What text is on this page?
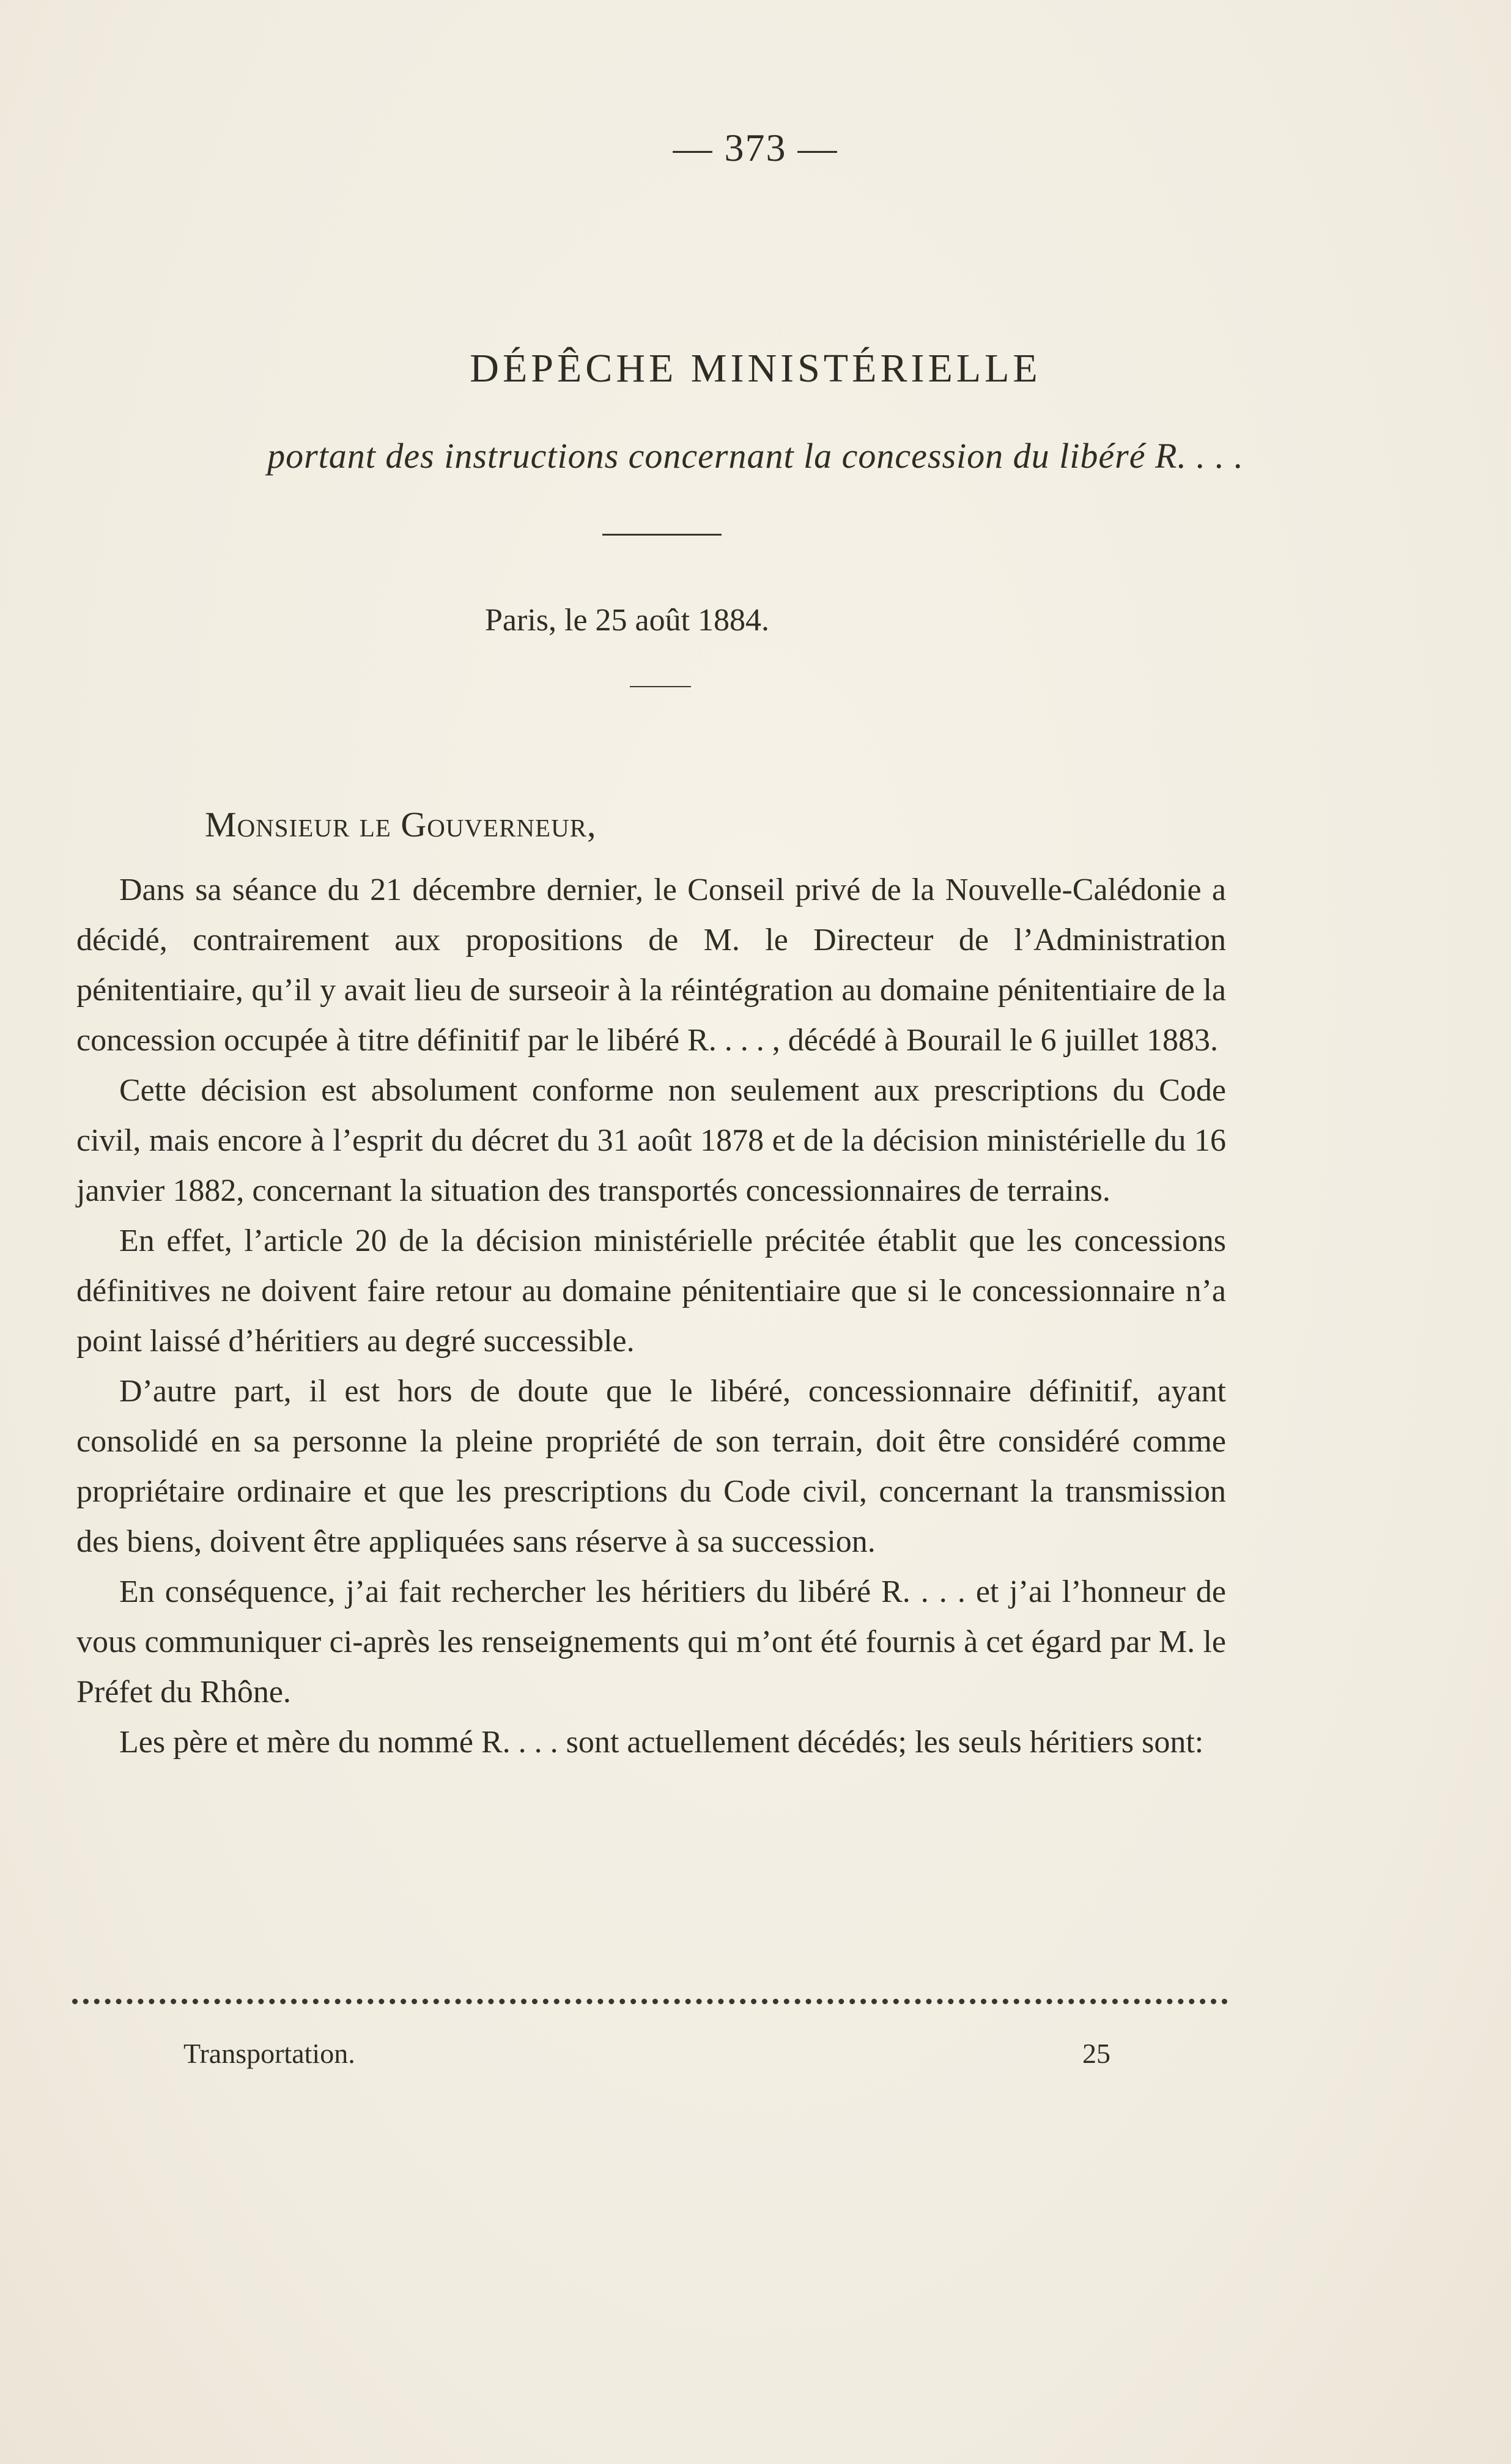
— 373 —
DÉPÊCHE MINISTÉRIELLE
portant des instructions concernant la concession du libéré R. . . .
Paris, le 25 août 1884.
Monsieur le Gouverneur,

Dans sa séance du 21 décembre dernier, le Conseil privé de la Nouvelle-Calédonie a décidé, contrairement aux propositions de M. le Directeur de l’Administration pénitentiaire, qu’il y avait lieu de surseoir à la réintégration au domaine pénitentiaire de la concession occupée à titre définitif par le libéré R. . . . , décédé à Bourail le 6 juillet 1883.

Cette décision est absolument conforme non seulement aux prescriptions du Code civil, mais encore à l’esprit du décret du 31 août 1878 et de la décision ministérielle du 16 janvier 1882, concernant la situation des transportés concessionnaires de terrains.

En effet, l’article 20 de la décision ministérielle précitée établit que les concessions définitives ne doivent faire retour au domaine pénitentiaire que si le concessionnaire n’a point laissé d’héritiers au degré successible.

D’autre part, il est hors de doute que le libéré, concessionnaire définitif, ayant consolidé en sa personne la pleine propriété de son terrain, doit être considéré comme propriétaire ordinaire et que les prescriptions du Code civil, concernant la transmission des biens, doivent être appliquées sans réserve à sa succession.

En conséquence, j’ai fait rechercher les héritiers du libéré R. . . . et j’ai l’honneur de vous communiquer ci-après les renseignements qui m’ont été fournis à cet égard par M. le Préfet du Rhône.

Les père et mère du nommé R. . . . sont actuellement décédés; les seuls héritiers sont:

Transportation.	25
